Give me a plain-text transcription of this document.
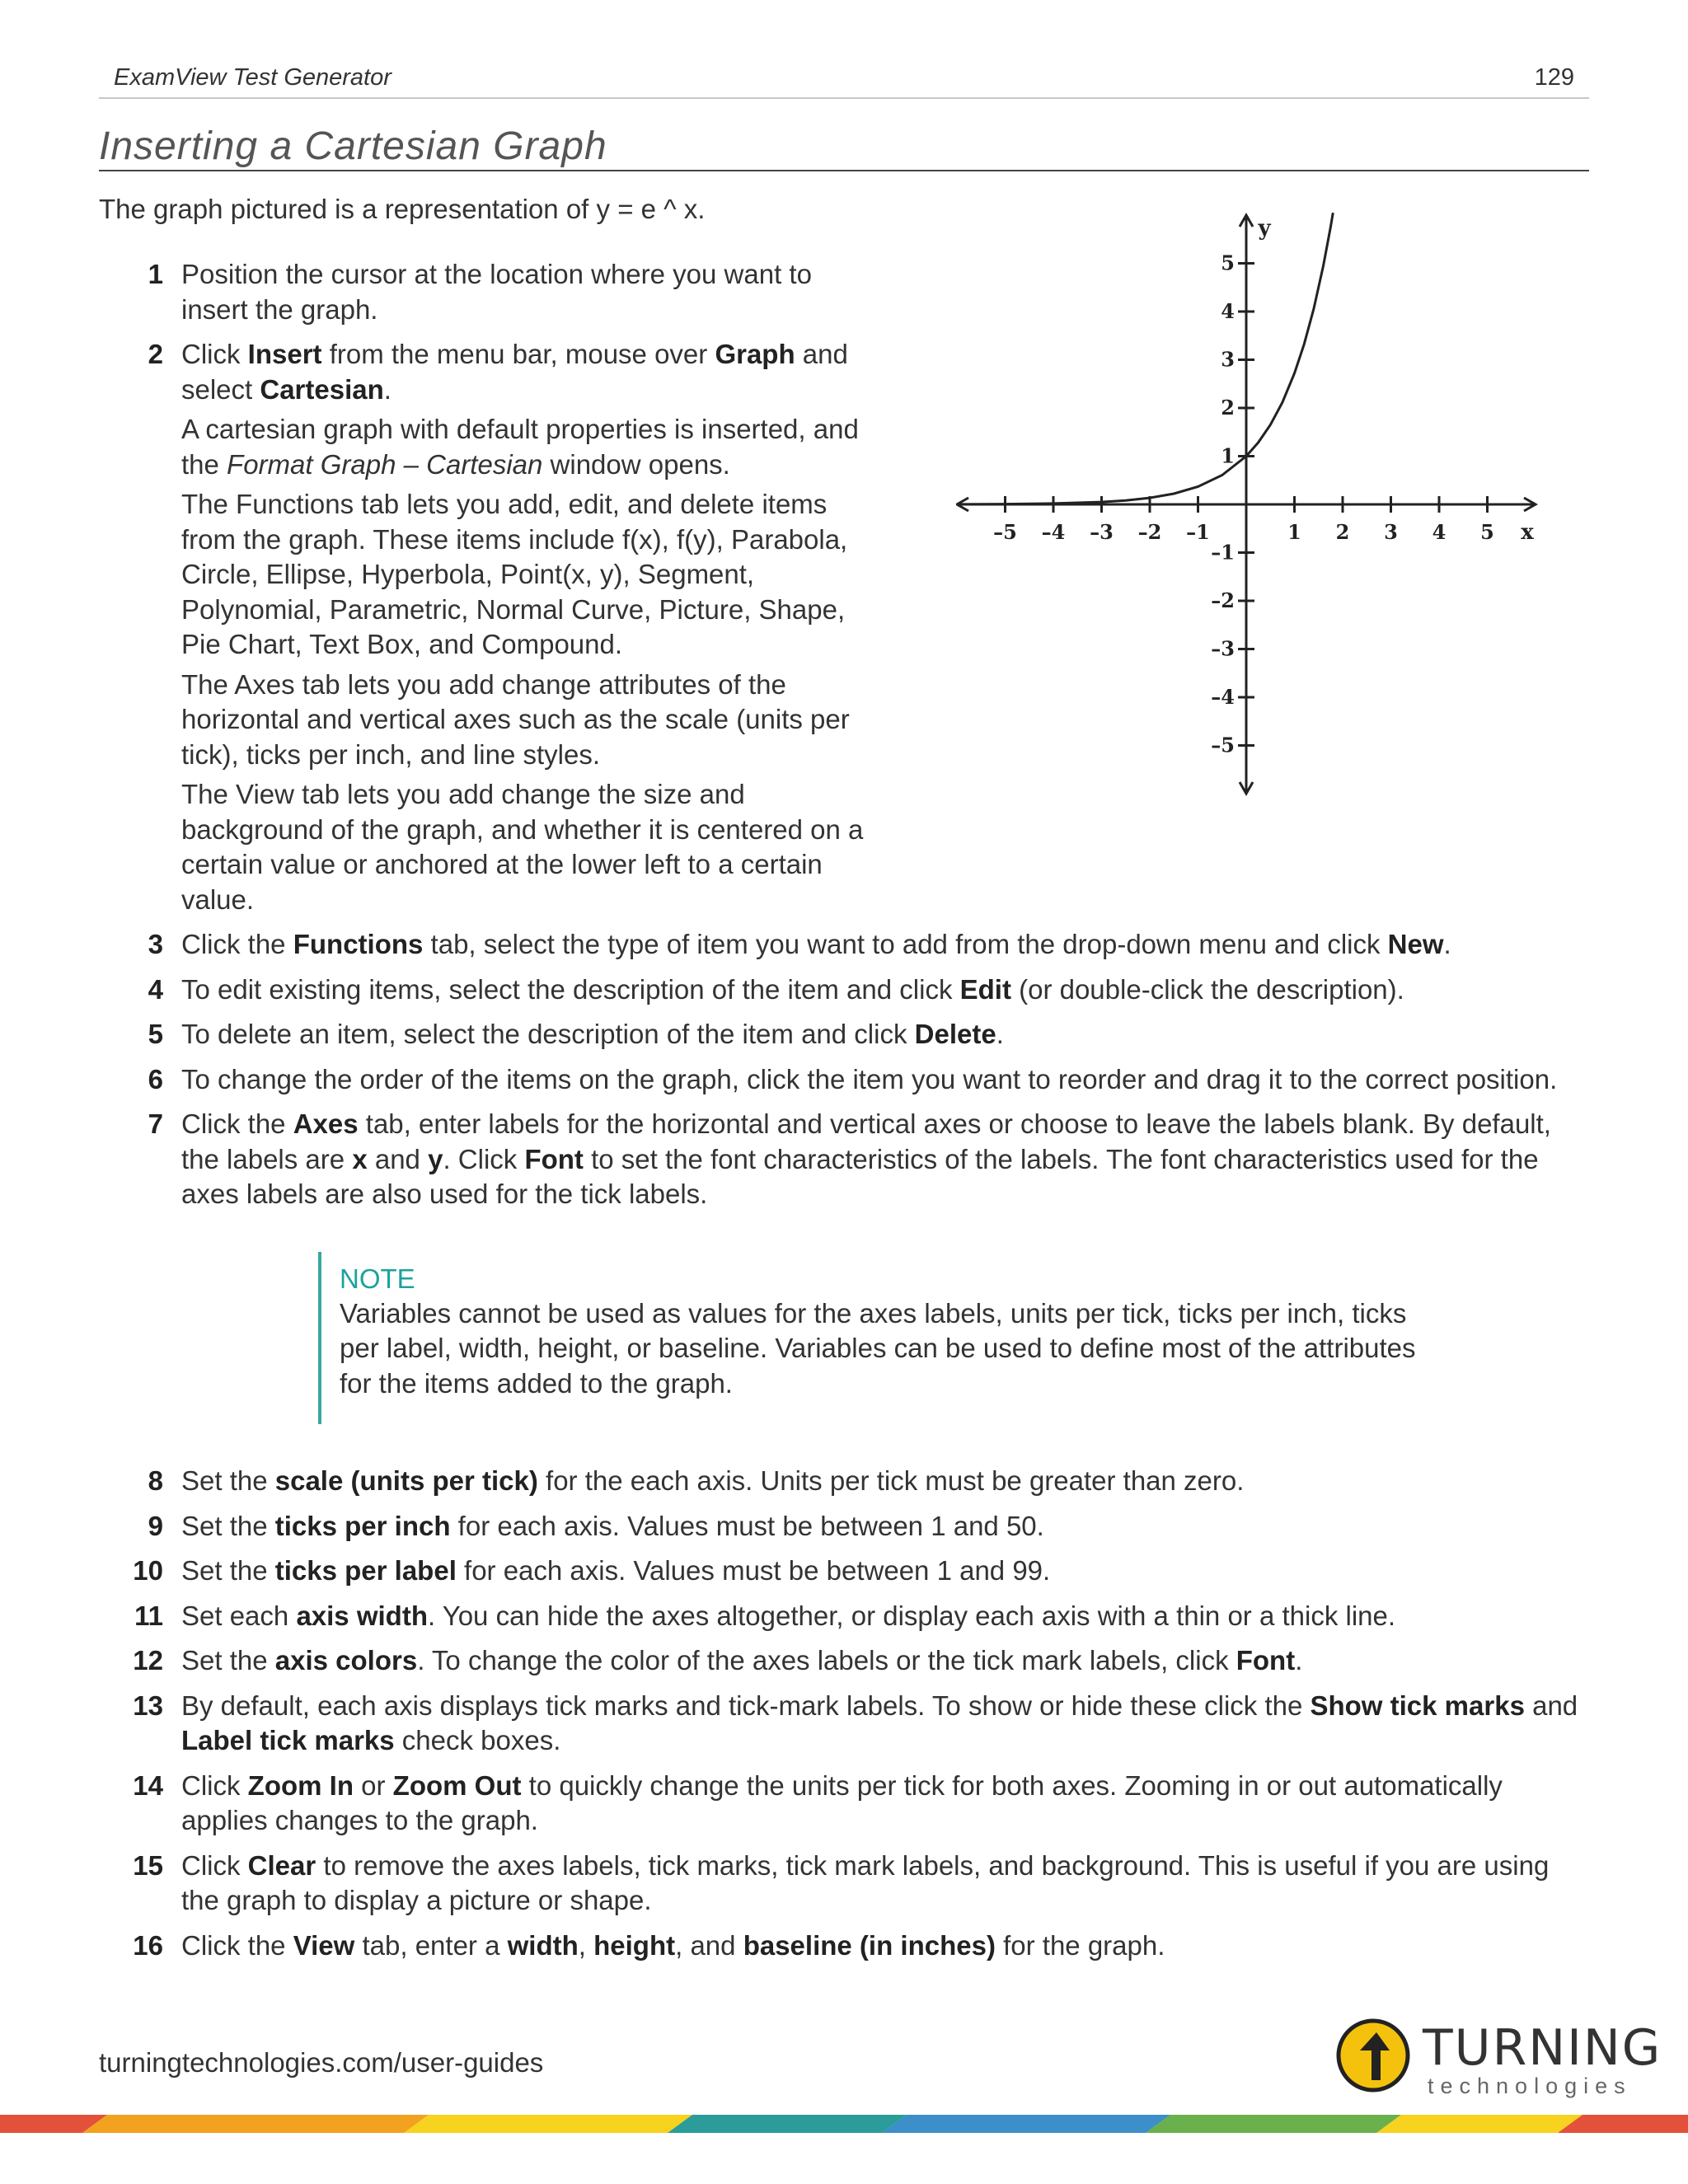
ExamView Test Generator	129
Inserting a Cartesian Graph
The graph pictured is a representation of y = e ^ x.
–5 –4 –3 –2 –1	1 2 3 4 5
5
4
3
2
1
–1
–2
–3
–4
–5
x
y
1 Position the cursor at the location where you want to insert the graph.

2 Click Insert from the menu bar, mouse over Graph and select Cartesian.

A cartesian graph with default properties is inserted, and the Format Graph – Cartesian window opens.

The Functions tab lets you add, edit, and delete items from the graph. These items include f(x), f(y), Parabola, Circle, Ellipse, Hyperbola, Point(x, y), Segment, Polynomial, Parametric, Normal Curve, Picture, Shape, Pie Chart, Text Box, and Compound.

The Axes tab lets you add change attributes of the horizontal and vertical axes such as the scale (units per tick), ticks per inch, and line styles.

The View tab lets you add change the size and background of the graph, and whether it is centered on a certain value or anchored at the lower left to a certain value.

3 Click the Functions tab, select the type of item you want to add from the drop-down menu and click New.

4 To edit existing items, select the description of the item and click Edit (or double-click the description).

5 To delete an item, select the description of the item and click Delete.

6 To change the order of the items on the graph, click the item you want to reorder and drag it to the correct position.

7 Click the Axes tab, enter labels for the horizontal and vertical axes or choose to leave the labels blank. By default, the labels are x and y. Click Font to set the font characteristics of the labels. The font characteristics used for the axes labels are also used for the tick labels.

NOTE
Variables cannot be used as values for the axes labels, units per tick, ticks per inch, ticks per label, width, height, or baseline. Variables can be used to define most of the attributes for the items added to the graph.
8 Set the scale (units per tick) for the each axis. Units per tick must be greater than zero.

9 Set the ticks per inch for each axis. Values must be between 1 and 50.

10 Set the ticks per label for each axis. Values must be between 1 and 99.

11 Set each axis width. You can hide the axes altogether, or display each axis with a thin or a thick line.

12 Set the axis colors. To change the color of the axes labels or the tick mark labels, click Font.

13 By default, each axis displays tick marks and tick-mark labels. To show or hide these click the Show tick marks and Label tick marks check boxes.

14 Click Zoom In or Zoom Out to quickly change the units per tick for both axes. Zooming in or out automatically applies changes to the graph.

15 Click Clear to remove the axes labels, tick marks, tick mark labels, and background. This is useful if you are using the graph to display a picture or shape.

16 Click the View tab, enter a width, height, and baseline (in inches) for the graph.

turningtechnologies.com/user-guides	TURNING
technologies
